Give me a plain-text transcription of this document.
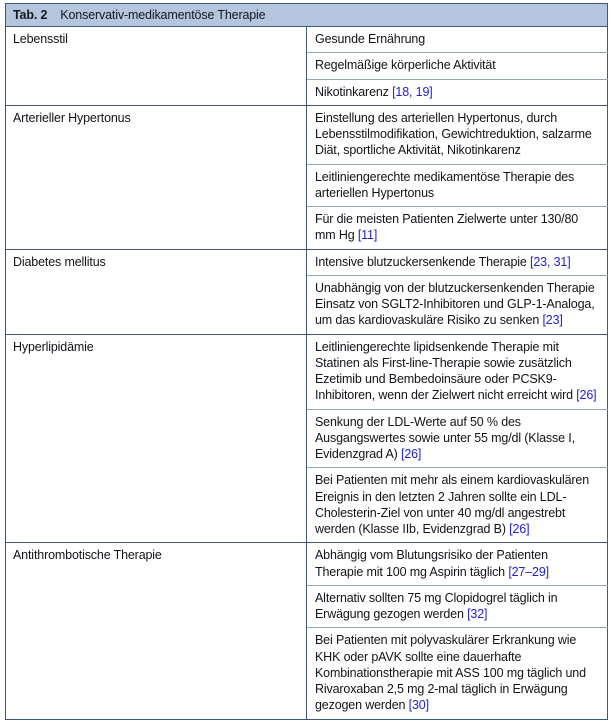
Tab. 2 Konservativ-medikamentöse Therapie	

Lebensstil	Gesunde Ernährung
	Regelmäßige körperliche Aktivität
	Nikotinkarenz [18, 19]
Arterieller Hypertonus	Einstellung des arteriellen Hypertonus, durch Lebensstilmodifikation, Gewichtreduktion, salzarme Diät, sportliche Aktivität, Nikotinkarenz
	Leitliniengerechte medikamentöse Therapie des arteriellen Hypertonus
	Für die meisten Patienten Zielwerte unter 130/80 mm Hg [11]
Diabetes mellitus	Intensive blutzuckersenkende Therapie [23, 31]
	Unabhängig von der blutzuckersenkenden Therapie Einsatz von SGLT2-Inhibitoren und GLP-1-Analoga, um das kardiovaskuläre Risiko zu senken [23]
Hyperlipidämie	Leitliniengerechte lipidsenkende Therapie mit Statinen als First-line-Therapie sowie zusätzlich Ezetimib und Bembedoinsäure oder PCSK9-Inhibitoren, wenn der Zielwert nicht erreicht wird [26]
	Senkung der LDL-Werte auf 50 % des Ausgangswertes sowie unter 55 mg/dl (Klasse I, Evidenzgrad A) [26]
	Bei Patienten mit mehr als einem kardiovaskulären Ereignis in den letzten 2 Jahren sollte ein LDL-Cholesterin-Ziel von unter 40 mg/dl angestrebt werden (Klasse IIb, Evidenzgrad B) [26]
Antithrombotische Therapie	Abhängig vom Blutungsrisiko der Patienten Therapie mit 100 mg Aspirin täglich [27–29]
	Alternativ sollten 75 mg Clopidogrel täglich in Erwägung gezogen werden [32]
	Bei Patienten mit polyvaskulärer Erkrankung wie KHK oder pAVK sollte eine dauerhafte Kombinationstherapie mit ASS 100 mg täglich und Rivaroxaban 2,5 mg 2-mal täglich in Erwägung gezogen werden [30]
